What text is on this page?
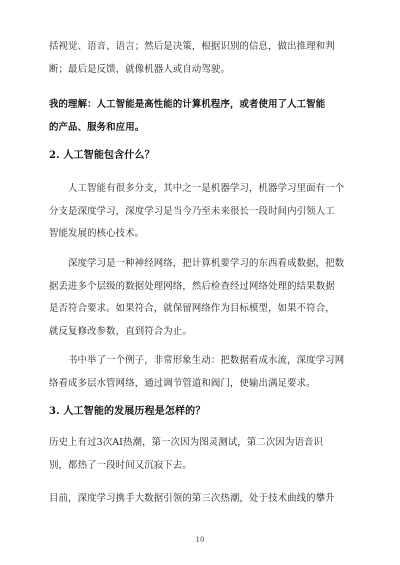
括视觉、语音、语言；然后是决策，根据识别的信息，做出推理和判
断；最后是反馈，就像机器人或自动驾驶。
我的理解：人工智能是高性能的计算机程序，或者使用了人工智能
的产品、服务和应用。
2. 人工智能包含什么？
人工智能有很多分支，其中之一是机器学习，机器学习里面有一个
分支是深度学习，深度学习是当今乃至未来很长一段时间内引领人工
智能发展的核心技术。
深度学习是一种神经网络，把计算机要学习的东西看成数据，把数
据丢进多个层级的数据处理网络，然后检查经过网络处理的结果数据
是否符合要求。如果符合，就保留网络作为目标模型，如果不符合，
就反复修改参数，直到符合为止。
书中举了一个例子，非常形象生动：把数据看成水流，深度学习网
络看成多层水管网络，通过调节管道和阀门，使输出满足要求。
3. 人工智能的发展历程是怎样的？
历史上有过3次AI热潮，第一次因为图灵测试，第二次因为语音识
别，都热了一段时间又沉寂下去。
目前，深度学习携手大数据引领的第三次热潮，处于技术曲线的攀升
10
